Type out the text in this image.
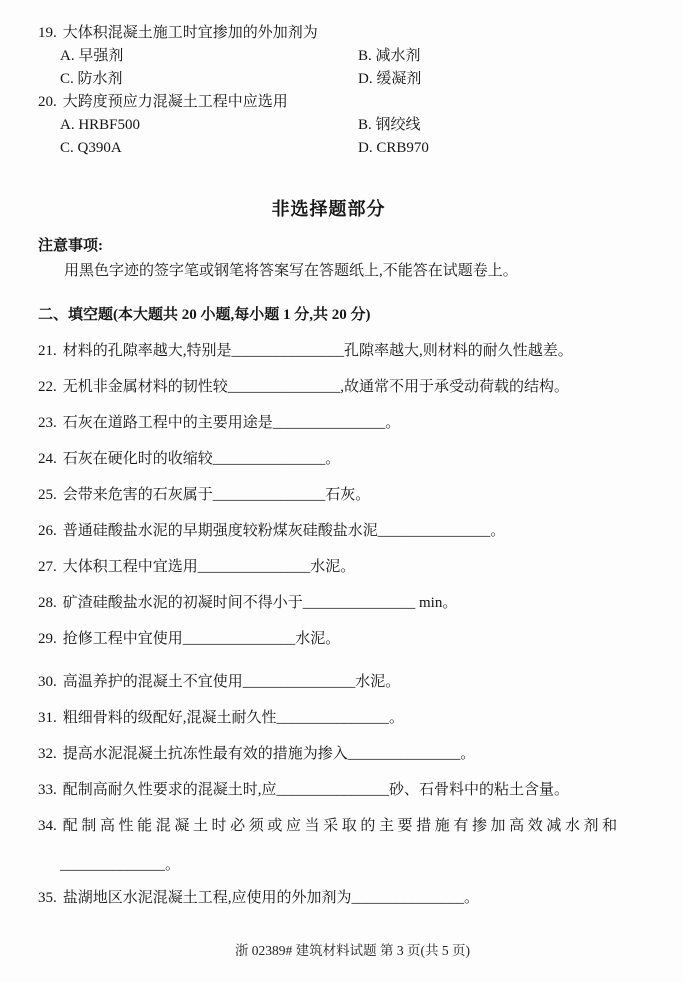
19. 大体积混凝土施工时宜掺加的外加剂为
A. 早强剂	B. 减水剂
C. 防水剂	D. 缓凝剂
20. 大跨度预应力混凝土工程中应选用
A. HRBF500	B. 钢绞线
C. Q390A	D. CRB970
非选择题部分
注意事项:
用黑色字迹的签字笔或钢笔将答案写在答题纸上,不能答在试题卷上。
二、填空题(本大题共 20 小题,每小题 1 分,共 20 分)
21. 材料的孔隙率越大,特别是_______________孔隙率越大,则材料的耐久性越差。
22. 无机非金属材料的韧性较_______________,故通常不用于承受动荷载的结构。
23. 石灰在道路工程中的主要用途是_______________。
24. 石灰在硬化时的收缩较_______________。
25. 会带来危害的石灰属于_______________石灰。
26. 普通硅酸盐水泥的早期强度较粉煤灰硅酸盐水泥_______________。
27. 大体积工程中宜选用_______________水泥。
28. 矿渣硅酸盐水泥的初凝时间不得小于_______________ min。
29. 抢修工程中宜使用_______________水泥。
30. 高温养护的混凝土不宜使用_______________水泥。
31. 粗细骨料的级配好,混凝土耐久性_______________。
32. 提高水泥混凝土抗冻性最有效的措施为掺入_______________。
33. 配制高耐久性要求的混凝土时,应_______________砂、石骨料中的粘土含量。
34. 配制高性能混凝土时必须或应当采取的主要措施有掺加高效减水剂和
______________。
35. 盐湖地区水泥混凝土工程,应使用的外加剂为_______________。
浙 02389# 建筑材料试题 第 3 页(共 5 页)
